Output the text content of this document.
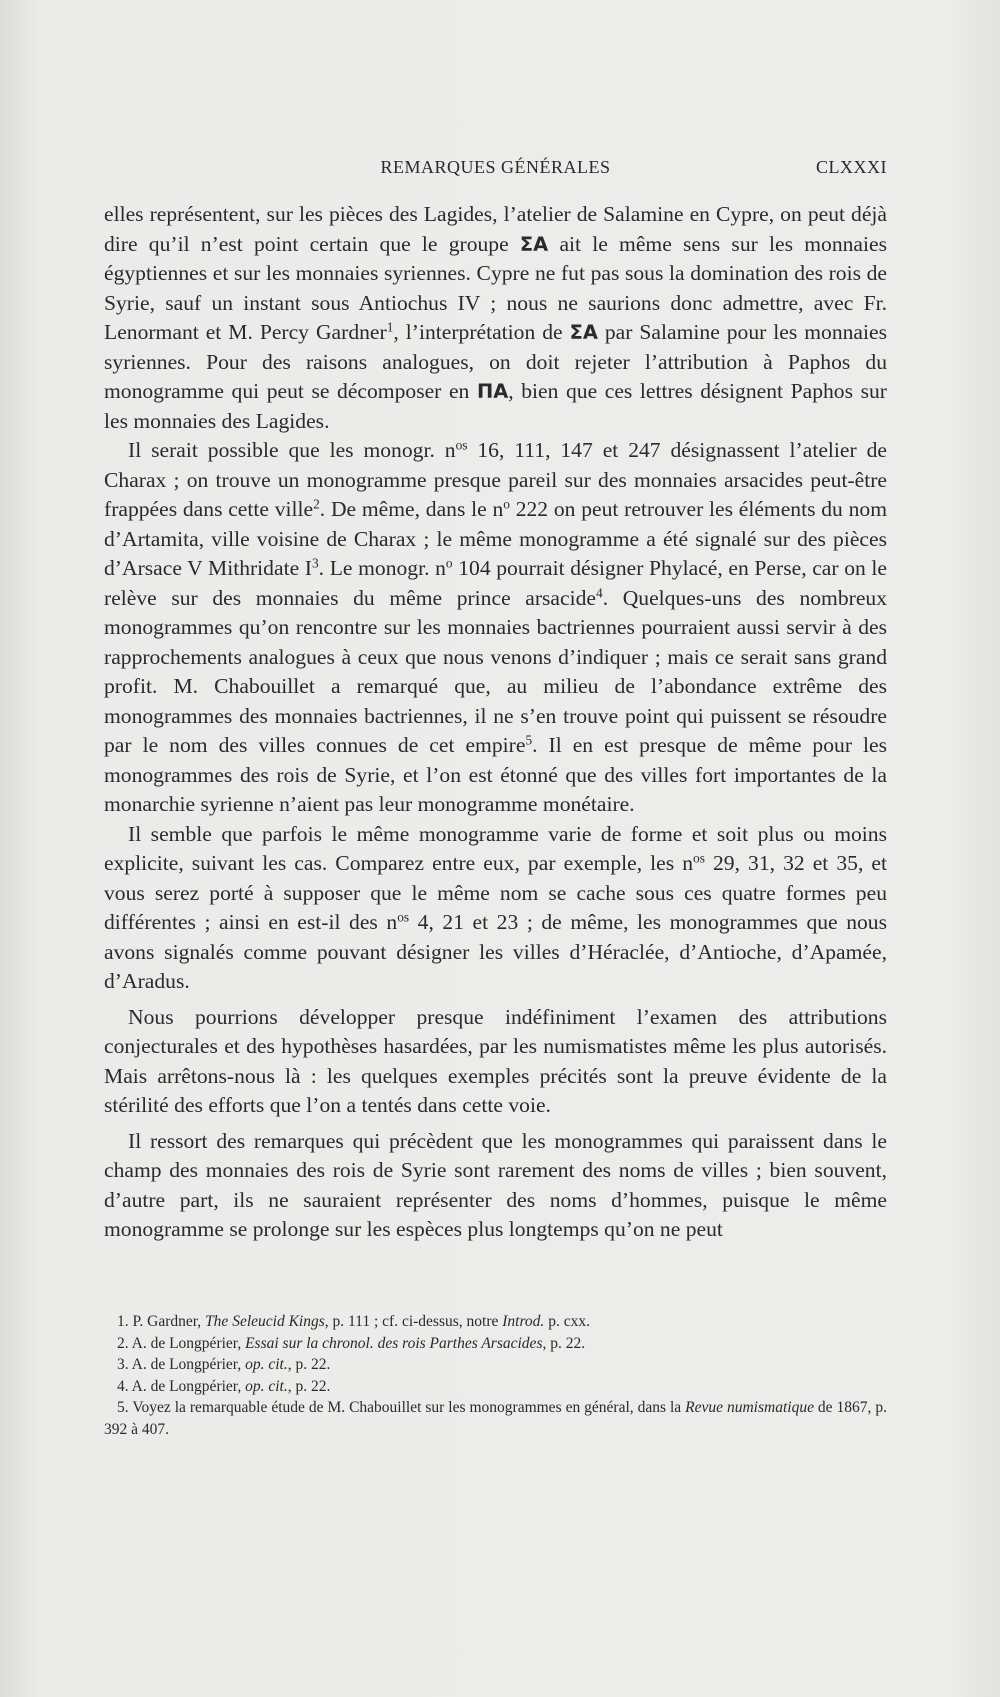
REMARQUES GÉNÉRALES	CLXXXI

elles représentent, sur les pièces des Lagides, l’atelier de Salamine en Cypre, on peut déjà dire qu’il n’est point certain que le groupe ΣΑ ait le même sens sur les monnaies égyptiennes et sur les monnaies syriennes. Cypre ne fut pas sous la domination des rois de Syrie, sauf un instant sous Antiochus IV ; nous ne saurions donc admettre, avec Fr. Lenormant et M. Percy Gardner$^1$, l’interprétation de ΣΑ par Salamine pour les monnaies syriennes. Pour des raisons analogues, on doit rejeter l’attribution à Paphos du monogramme qui peut se décomposer en ΠΑ, bien que ces lettres désignent Paphos sur les monnaies des Lagides.

Il serait possible que les monogr. $n^{os}$ 16, 111, 147 et 247 désignassent l’atelier de Charax ; on trouve un monogramme presque pareil sur des monnaies arsacides peut-être frappées dans cette ville$^2$. De même, dans le $n^o$ 222 on peut retrouver les éléments du nom d’Artamita, ville voisine de Charax ; le même monogramme a été signalé sur des pièces d’Arsace V Mithridate $I^3$. Le monogr. $n^o$ 104 pourrait désigner Phylacé, en Perse, car on le relève sur des monnaies du même prince arsacide$^4$. Quelques-uns des nombreux monogrammes qu’on rencontre sur les monnaies bactriennes pourraient aussi servir à des rapprochements analogues à ceux que nous venons d’indiquer ; mais ce serait sans grand profit. M. Chabouillet a remarqué que, au milieu de l’abondance extrême des monogrammes des monnaies bactriennes, il ne s’en trouve point qui puissent se résoudre par le nom des villes connues de cet empire$^5$. Il en est presque de même pour les monogrammes des rois de Syrie, et l’on est étonné que des villes fort importantes de la monarchie syrienne n’aient pas leur monogramme monétaire.

Il semble que parfois le même monogramme varie de forme et soit plus ou moins explicite, suivant les cas. Comparez entre eux, par exemple, les $n^{os}$ 29, 31, 32 et 35, et vous serez porté à supposer que le même nom se cache sous ces quatre formes peu différentes ; ainsi en est-il des $n^{os}$ 4, 21 et 23 ; de même, les monogrammes que nous avons signalés comme pouvant désigner les villes d’Héraclée, d’Antioche, d’Apamée, d’Aradus.

Nous pourrions développer presque indéfiniment l’examen des attributions conjecturales et des hypothèses hasardées, par les numismatistes même les plus autorisés. Mais arrêtons-nous là : les quelques exemples précités sont la preuve évidente de la stérilité des efforts que l’on a tentés dans cette voie.

Il ressort des remarques qui précèdent que les monogrammes qui paraissent dans le champ des monnaies des rois de Syrie sont rarement des noms de villes ; bien souvent, d’autre part, ils ne sauraient représenter des noms d’hommes, puisque le même monogramme se prolonge sur les espèces plus longtemps qu’on ne peut

1. P. Gardner, The Seleucid Kings, p. 111 ; cf. ci-dessus, notre Introd. p. cxx.
2. A. de Longpérier, Essai sur la chronol. des rois Parthes Arsacides, p. 22.
3. A. de Longpérier, op. cit., p. 22.
4. A. de Longpérier, op. cit., p. 22.
5. Voyez la remarquable étude de M. Chabouillet sur les monogrammes en général, dans la Revue numismatique de 1867, p. 392 à 407.
